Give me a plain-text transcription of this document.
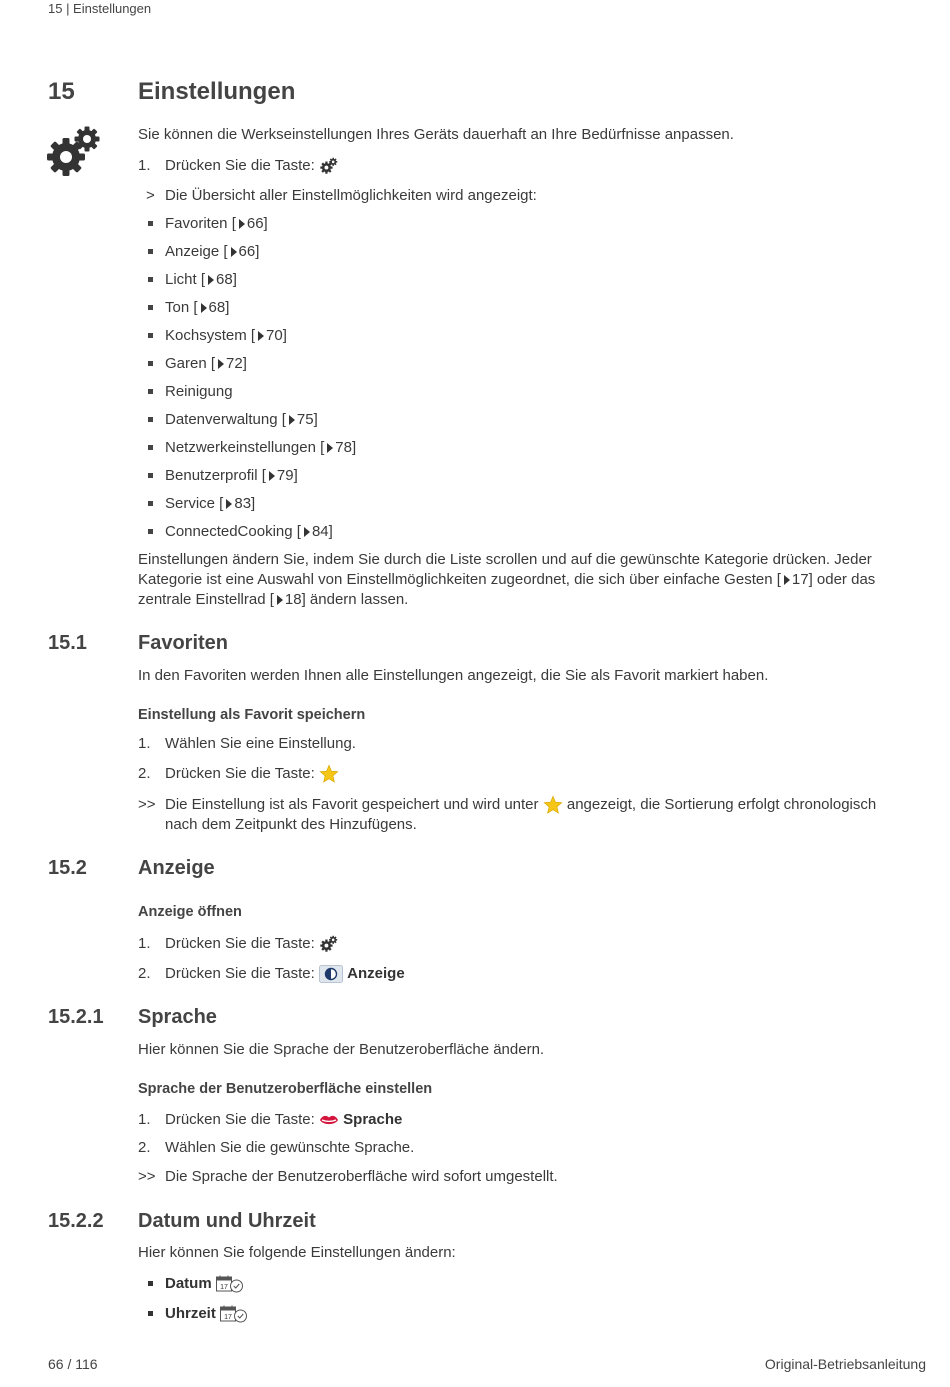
15 | Einstellungen
15	Einstellungen
Sie können die Werkseinstellungen Ihres Geräts dauerhaft an Ihre Bedürfnisse anpassen.
1. Drücken Sie die Taste:
> Die Übersicht aller Einstellmöglichkeiten wird angezeigt:
Favoriten [ 66]
Anzeige [ 66]
Licht [ 68]
Ton [ 68]
Kochsystem [ 70]
Garen [ 72]
Reinigung
Datenverwaltung [ 75]
Netzwerkeinstellungen [ 78]
Benutzerprofil [ 79]
Service [ 83]
ConnectedCooking [ 84]
Einstellungen ändern Sie, indem Sie durch die Liste scrollen und auf die gewünschte Kategorie drücken. Jeder Kategorie ist eine Auswahl von Einstellmöglichkeiten zugeordnet, die sich über einfache Gesten [ 17] oder das zentrale Einstellrad [ 18] ändern lassen.
15.1	Favoriten
In den Favoriten werden Ihnen alle Einstellungen angezeigt, die Sie als Favorit markiert haben.
Einstellung als Favorit speichern
1. Wählen Sie eine Einstellung.
2. Drücken Sie die Taste:
>> Die Einstellung ist als Favorit gespeichert und wird unter angezeigt, die Sortierung erfolgt chronologisch
nach dem Zeitpunkt des Hinzufügens.
15.2	Anzeige
Anzeige öffnen
1. Drücken Sie die Taste:
2. Drücken Sie die Taste: Anzeige
15.2.1 Sprache
Hier können Sie die Sprache der Benutzeroberfläche ändern.
Sprache der Benutzeroberfläche einstellen
1. Drücken Sie die Taste: Sprache
2. Wählen Sie die gewünschte Sprache.
>> Die Sprache der Benutzeroberfläche wird sofort umgestellt.
15.2.2 Datum und Uhrzeit
Hier können Sie folgende Einstellungen ändern:
Datum 17
Uhrzeit 17
66 / 116	Original-Betriebsanleitung
